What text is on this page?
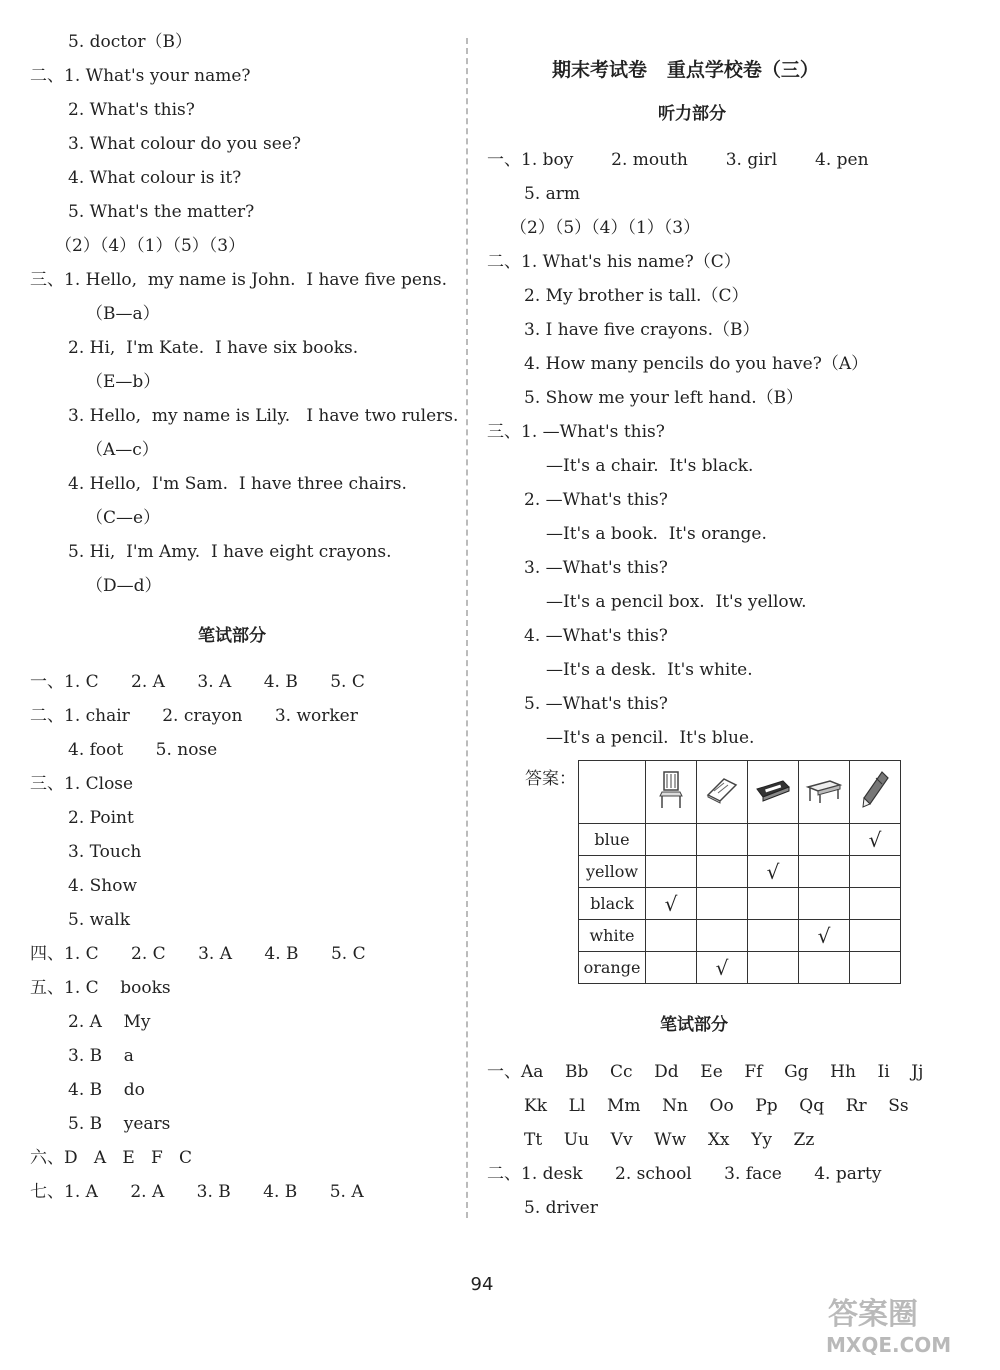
5. doctor（B）
二、1. What's your name?
2. What's this?
3. What colour do you see?
4. What colour is it?
5. What's the matter?
（2）（4）（1）（5）（3）
三、1. Hello,  my name is John.  I have five pens.
（B—a）
2. Hi,  I'm Kate.  I have six books.
（E—b）
3. Hello,  my name is Lily.   I have two rulers.
（A—c）
4. Hello,  I'm Sam.  I have three chairs.
（C—e）
5. Hi,  I'm Amy.  I have eight crayons.
（D—d）
一、1. C      2. A      3. A      4. B      5. C
二、1. chair      2. crayon      3. worker
4. foot      5. nose
三、1. Close
2. Point
3. Touch
4. Show
5. walk
四、1. C      2. C      3. A      4. B      5. C
五、1. C    books
2. A    My
3. B    a
4. B    do
5. B    years
六、D   A   E   F   C
七、1. A      2. A      3. B      4. B      5. A
一、1. boy       2. mouth       3. girl       4. pen
5. arm
（2）（5）（4）（1）（3）
二、1. What's his name?（C）
2. My brother is tall.（C）
3. I have five crayons.（B）
4. How many pencils do you have?（A）
5. Show me your left hand.（B）
三、1. —What's this?
—It's a chair.  It's black.
2. —What's this?
—It's a book.  It's orange.
3. —What's this?
—It's a pencil box.  It's yellow.
4. —What's this?
—It's a desk.  It's white.
5. —What's this?
—It's a pencil.  It's blue.
一、Aa    Bb    Cc    Dd    Ee    Ff    Gg    Hh    Ii    Jj
Kk    Ll    Mm    Nn    Oo    Pp    Qq    Rr    Ss
Tt    Uu    Vv    Ww    Xx    Yy    Zz
二、1. desk      2. school      3. face      4. party
5. driver
笔试部分
期末考试卷   重点学校卷（三）
听力部分
笔试部分
答案：

blue					√
yellow			√		
black	√				
white				√	
orange		√			
94
答案圈
MXQE.COM
